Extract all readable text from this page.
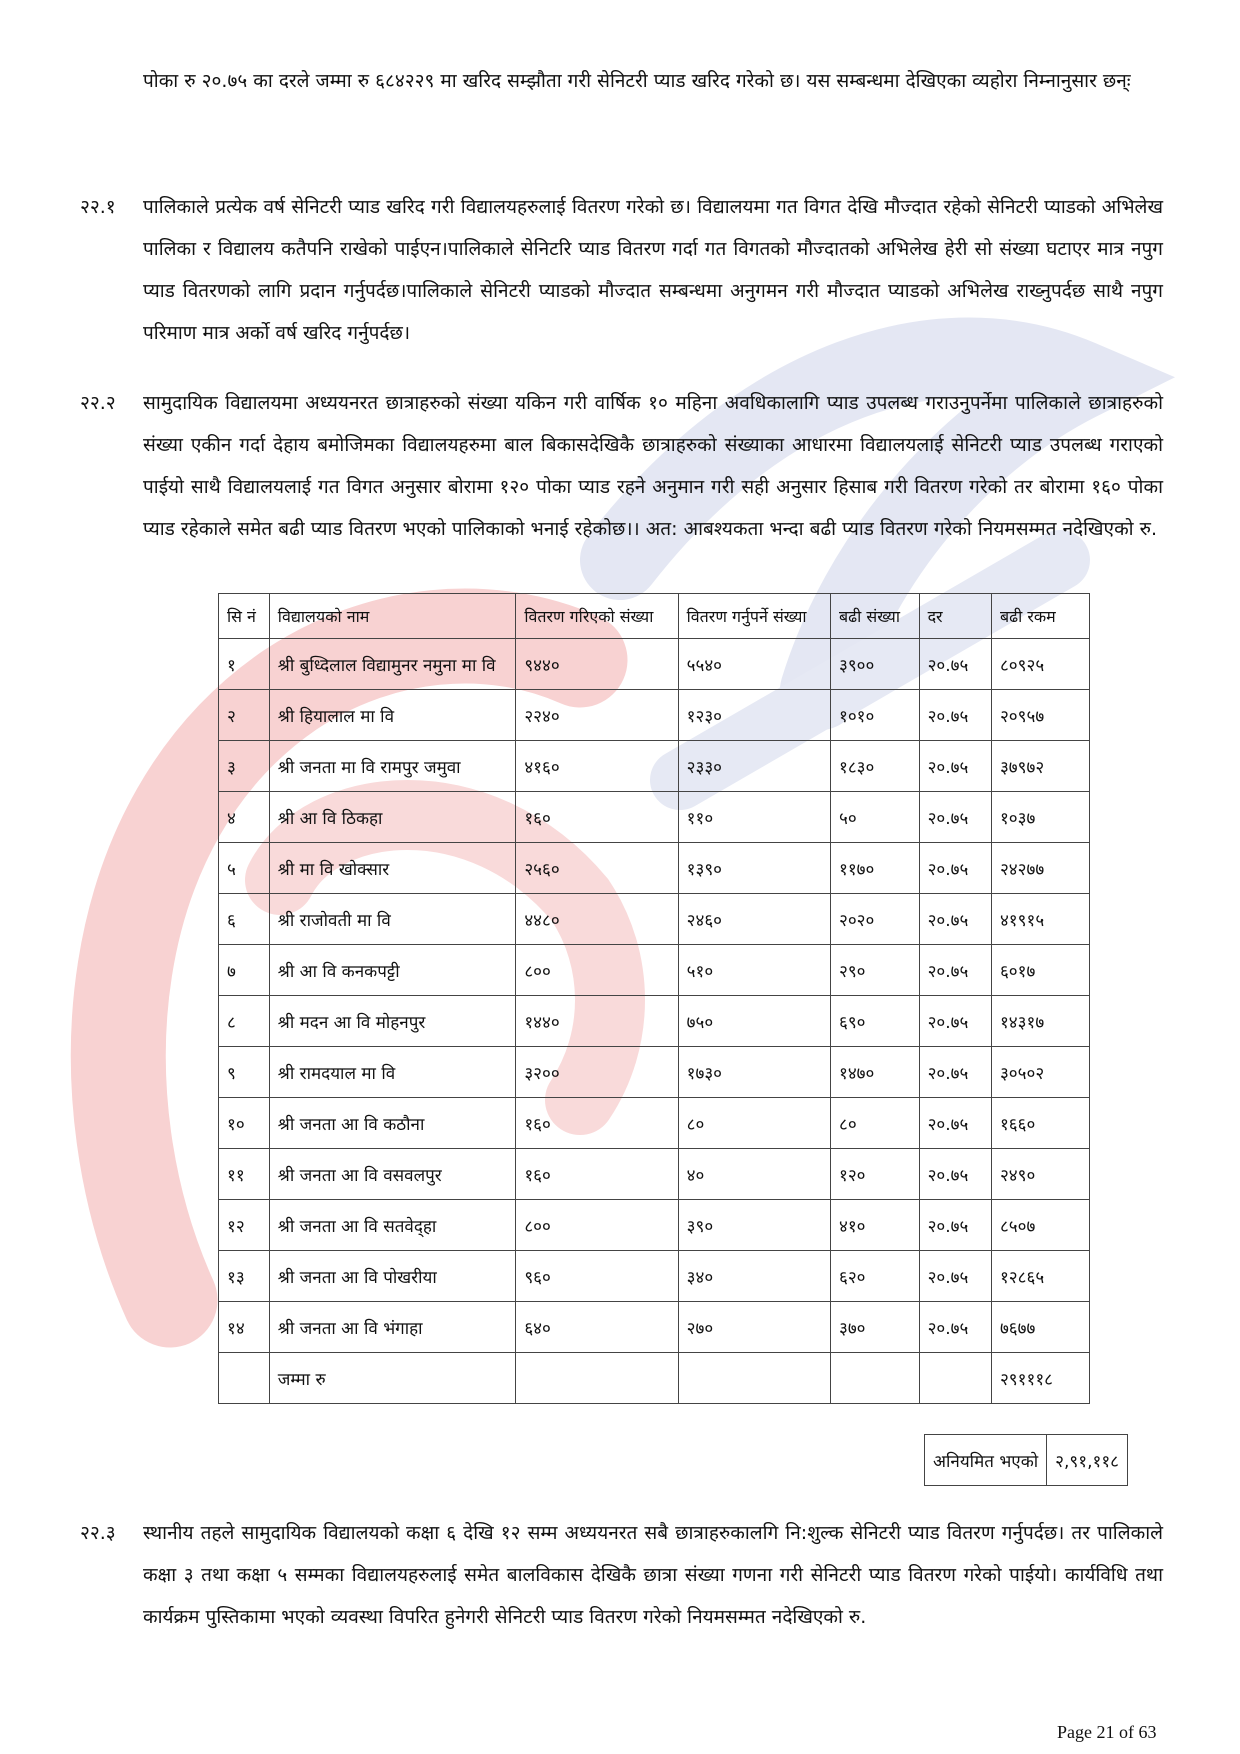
पोका रु २०.७५ का दरले जम्मा रु ६८४२२९ मा खरिद सम्झौता गरी सेनिटरी प्याड खरिद गरेको छ। यस सम्बन्धमा देखिएका व्यहोरा निम्नानुसार छन्ः
२२.१ पालिकाले प्रत्येक वर्ष सेनिटरी प्याड खरिद गरी विद्यालयहरुलाई वितरण गरेको छ। विद्यालयमा गत विगत देखि मौज्दात रहेको सेनिटरी प्याडको अभिलेख पालिका र विद्यालय कतैपनि राखेको पाईएन।पालिकाले सेनिटरि प्याड वितरण गर्दा गत विगतको मौज्दातको अभिलेख हेरी सो संख्या घटाएर मात्र नपुग प्याड वितरणको लागि प्रदान गर्नुपर्दछ।पालिकाले सेनिटरी प्याडको मौज्दात सम्बन्धमा अनुगमन गरी मौज्दात प्याडको अभिलेख राख्नुपर्दछ साथै नपुग परिमाण मात्र अर्को वर्ष खरिद गर्नुपर्दछ।
२२.२ सामुदायिक विद्यालयमा अध्ययनरत छात्राहरुको संख्या यकिन गरी वार्षिक १० महिना अवधिकालागि प्याड उपलब्ध गराउनुपर्नेमा पालिकाले छात्राहरुको संख्या एकीन गर्दा देहाय बमोजिमका विद्यालयहरुमा बाल बिकासदेखिकै छात्राहरुको संख्याका आधारमा विद्यालयलाई सेनिटरी प्याड उपलब्ध गराएको पाईयो साथै विद्यालयलाई गत विगत अनुसार बोरामा १२० पोका प्याड रहने अनुमान गरी सही अनुसार हिसाब गरी वितरण गरेको तर बोरामा १६० पोका प्याड रहेकाले समेत बढी प्याड वितरण भएको पालिकाको भनाई रहेकोछ।। अत: आबश्यकता भन्दा बढी प्याड वितरण गरेको नियमसम्मत नदेखिएको रु.
सि नं	विद्यालयको नाम	वितरण गरिएको संख्या	वितरण गर्नुपर्ने संख्या	बढी संख्या	दर	बढी रकम
१	श्री बुध्दिलाल विद्यामुनर नमुना मा वि	९४४०	५५४०	३९००	२०.७५	८०९२५
२	श्री हियालाल मा वि	२२४०	१२३०	१०१०	२०.७५	२०९५७
३	श्री जनता मा वि रामपुर जमुवा	४१६०	२३३०	१८३०	२०.७५	३७९७२
४	श्री आ वि ठिकहा	१६०	११०	५०	२०.७५	१०३७
५	श्री मा वि खोक्सार	२५६०	१३९०	११७०	२०.७५	२४२७७
६	श्री राजोवती मा वि	४४८०	२४६०	२०२०	२०.७५	४१९१५
७	श्री आ वि कनकपट्टी	८००	५१०	२९०	२०.७५	६०१७
८	श्री मदन आ वि मोहनपुर	१४४०	७५०	६९०	२०.७५	१४३१७
९	श्री रामदयाल मा वि	३२००	१७३०	१४७०	२०.७५	३०५०२
१०	श्री जनता आ वि कठौना	१६०	८०	८०	२०.७५	१६६०
११	श्री जनता आ वि वसवलपुर	१६०	४०	१२०	२०.७५	२४९०
१२	श्री जनता आ वि सतवेद्हा	८००	३९०	४१०	२०.७५	८५०७
१३	श्री जनता आ वि पोखरीया	९६०	३४०	६२०	२०.७५	१२८६५
१४	श्री जनता आ वि भंगाहा	६४०	२७०	३७०	२०.७५	७६७७
	जम्मा रु					२९१११८
अनियमित भएको	२,९१,११८
२२.३ स्थानीय तहले सामुदायिक विद्यालयको कक्षा ६ देखि १२ सम्म अध्ययनरत सबै छात्राहरुकालगि नि:शुल्क सेनिटरी प्याड वितरण गर्नुपर्दछ। तर पालिकाले कक्षा ३ तथा कक्षा ५ सम्मका विद्यालयहरुलाई समेत बालविकास देखिकै छात्रा संख्या गणना गरी सेनिटरी प्याड वितरण गरेको पाईयो। कार्यविधि तथा कार्यक्रम पुस्तिकामा भएको व्यवस्था विपरित हुनेगरी सेनिटरी प्याड वितरण गरेको नियमसम्मत नदेखिएको रु.
Page 21 of 63
